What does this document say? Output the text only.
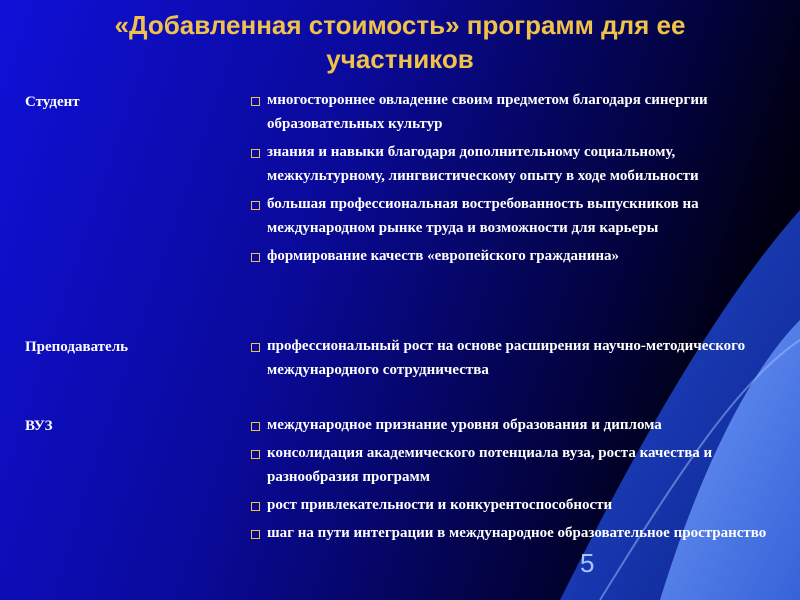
«Добавленная стоимость» программ для ее
участников
Студент	многостороннее овладение своим предметом благодаря синергии образовательных культур
знания и навыки благодаря дополнительному социальному, межкультурному, лингвистическому опыту в ходе мобильности
большая профессиональная востребованность выпускников на международном рынке труда и возможности для карьеры
формирование качеств «европейского гражданина»
Преподаватель	профессиональный рост на основе расширения научно-методического международного сотрудничества
ВУЗ	международное признание уровня образования и диплома
консолидация академического потенциала вуза, роста качества и разнообразия программ
рост привлекательности и конкурентоспособности
шаг на пути интеграции в международное образовательное пространство
5
